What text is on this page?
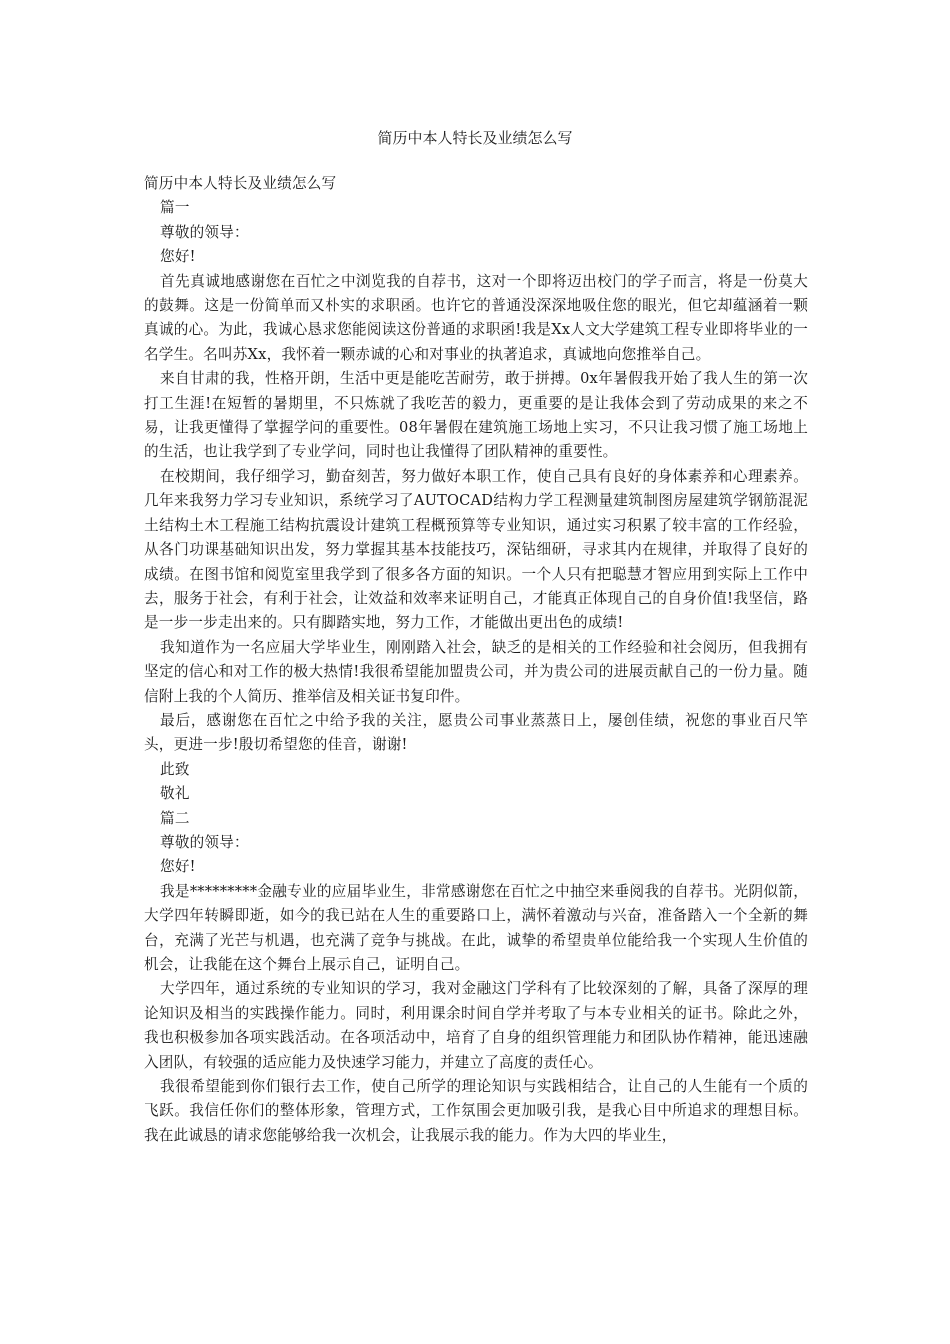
简历中本人特长及业绩怎么写

简历中本人特长及业绩怎么写

篇一

尊敬的领导：

您好!

首先真诚地感谢您在百忙之中浏览我的自荐书，这对一个即将迈出校门的学子而言，将是一份莫大的鼓舞。这是一份简单而又朴实的求职函。也许它的普通没深深地吸住您的眼光，但它却蕴涵着一颗真诚的心。为此，我诚心恳求您能阅读这份普通的求职函!我是Xx人文大学建筑工程专业即将毕业的一名学生。名叫苏Xx，我怀着一颗赤诚的心和对事业的执著追求，真诚地向您推举自己。

来自甘肃的我，性格开朗，生活中更是能吃苦耐劳，敢于拼搏。0x年暑假我开始了我人生的第一次打工生涯!在短暂的暑期里，不只炼就了我吃苦的毅力，更重要的是让我体会到了劳动成果的来之不易，让我更懂得了掌握学问的重要性。08年暑假在建筑施工场地上实习，不只让我习惯了施工场地上的生活，也让我学到了专业学问，同时也让我懂得了团队精神的重要性。

在校期间，我仔细学习，勤奋刻苦，努力做好本职工作，使自己具有良好的身体素养和心理素养。几年来我努力学习专业知识，系统学习了AUTOCAD结构力学工程测量建筑制图房屋建筑学钢筋混泥土结构土木工程施工结构抗震设计建筑工程概预算等专业知识，通过实习积累了较丰富的工作经验，从各门功课基础知识出发，努力掌握其基本技能技巧，深钻细研，寻求其内在规律，并取得了良好的成绩。在图书馆和阅览室里我学到了很多各方面的知识。一个人只有把聪慧才智应用到实际上工作中去，服务于社会，有利于社会，让效益和效率来证明自己，才能真正体现自己的自身价值!我坚信，路是一步一步走出来的。只有脚踏实地，努力工作，才能做出更出色的成绩!

我知道作为一名应届大学毕业生，刚刚踏入社会，缺乏的是相关的工作经验和社会阅历，但我拥有坚定的信心和对工作的极大热情!我很希望能加盟贵公司，并为贵公司的进展贡献自己的一份力量。随信附上我的个人简历、推举信及相关证书复印件。

最后，感谢您在百忙之中给予我的关注，愿贵公司事业蒸蒸日上，屡创佳绩，祝您的事业百尺竿头，更进一步!殷切希望您的佳音，谢谢!

此致

敬礼

篇二

尊敬的领导：

您好!

我是*********金融专业的应届毕业生，非常感谢您在百忙之中抽空来垂阅我的自荐书。光阴似箭，大学四年转瞬即逝，如今的我已站在人生的重要路口上，满怀着激动与兴奋，准备踏入一个全新的舞台，充满了光芒与机遇，也充满了竞争与挑战。在此，诚挚的希望贵单位能给我一个实现人生价值的机会，让我能在这个舞台上展示自己，证明自己。

大学四年，通过系统的专业知识的学习，我对金融这门学科有了比较深刻的了解，具备了深厚的理论知识及相当的实践操作能力。同时，利用课余时间自学并考取了与本专业相关的证书。除此之外，我也积极参加各项实践活动。在各项活动中，培育了自身的组织管理能力和团队协作精神，能迅速融入团队，有较强的适应能力及快速学习能力，并建立了高度的责任心。

我很希望能到你们银行去工作，使自己所学的理论知识与实践相结合，让自己的人生能有一个质的飞跃。我信任你们的整体形象，管理方式，工作氛围会更加吸引我，是我心目中所追求的理想目标。我在此诚恳的请求您能够给我一次机会，让我展示我的能力。作为大四的毕业生，
